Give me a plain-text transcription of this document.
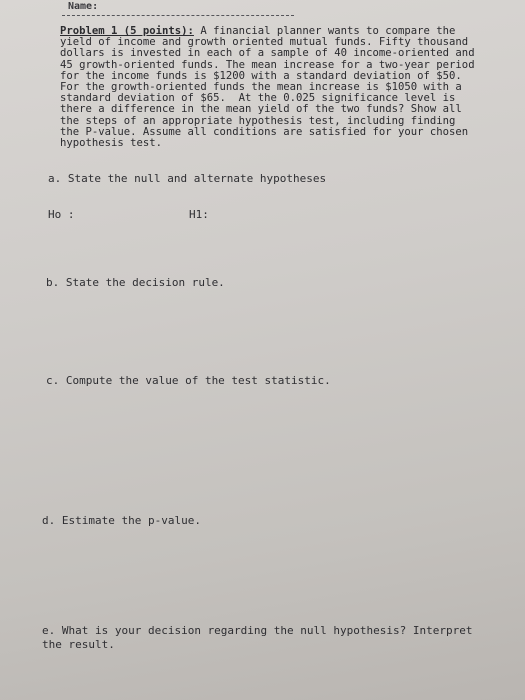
Name:
Problem 1 (5 points): A financial planner wants to compare the
yield of income and growth oriented mutual funds. Fifty thousand
dollars is invested in each of a sample of 40 income-oriented and
45 growth-oriented funds. The mean increase for a two-year period
for the income funds is $1200 with a standard deviation of $50.
For the growth-oriented funds the mean increase is $1050 with a
standard deviation of $65.  At the 0.025 significance level is
there a difference in the mean yield of the two funds? Show all
the steps of an appropriate hypothesis test, including finding
the P-value. Assume all conditions are satisfied for your chosen
hypothesis test.
a. State the null and alternate hypotheses
Ho :	H1:
b. State the decision rule.
c. Compute the value of the test statistic.
d. Estimate the p-value.
e. What is your decision regarding the null hypothesis? Interpret
the result.
